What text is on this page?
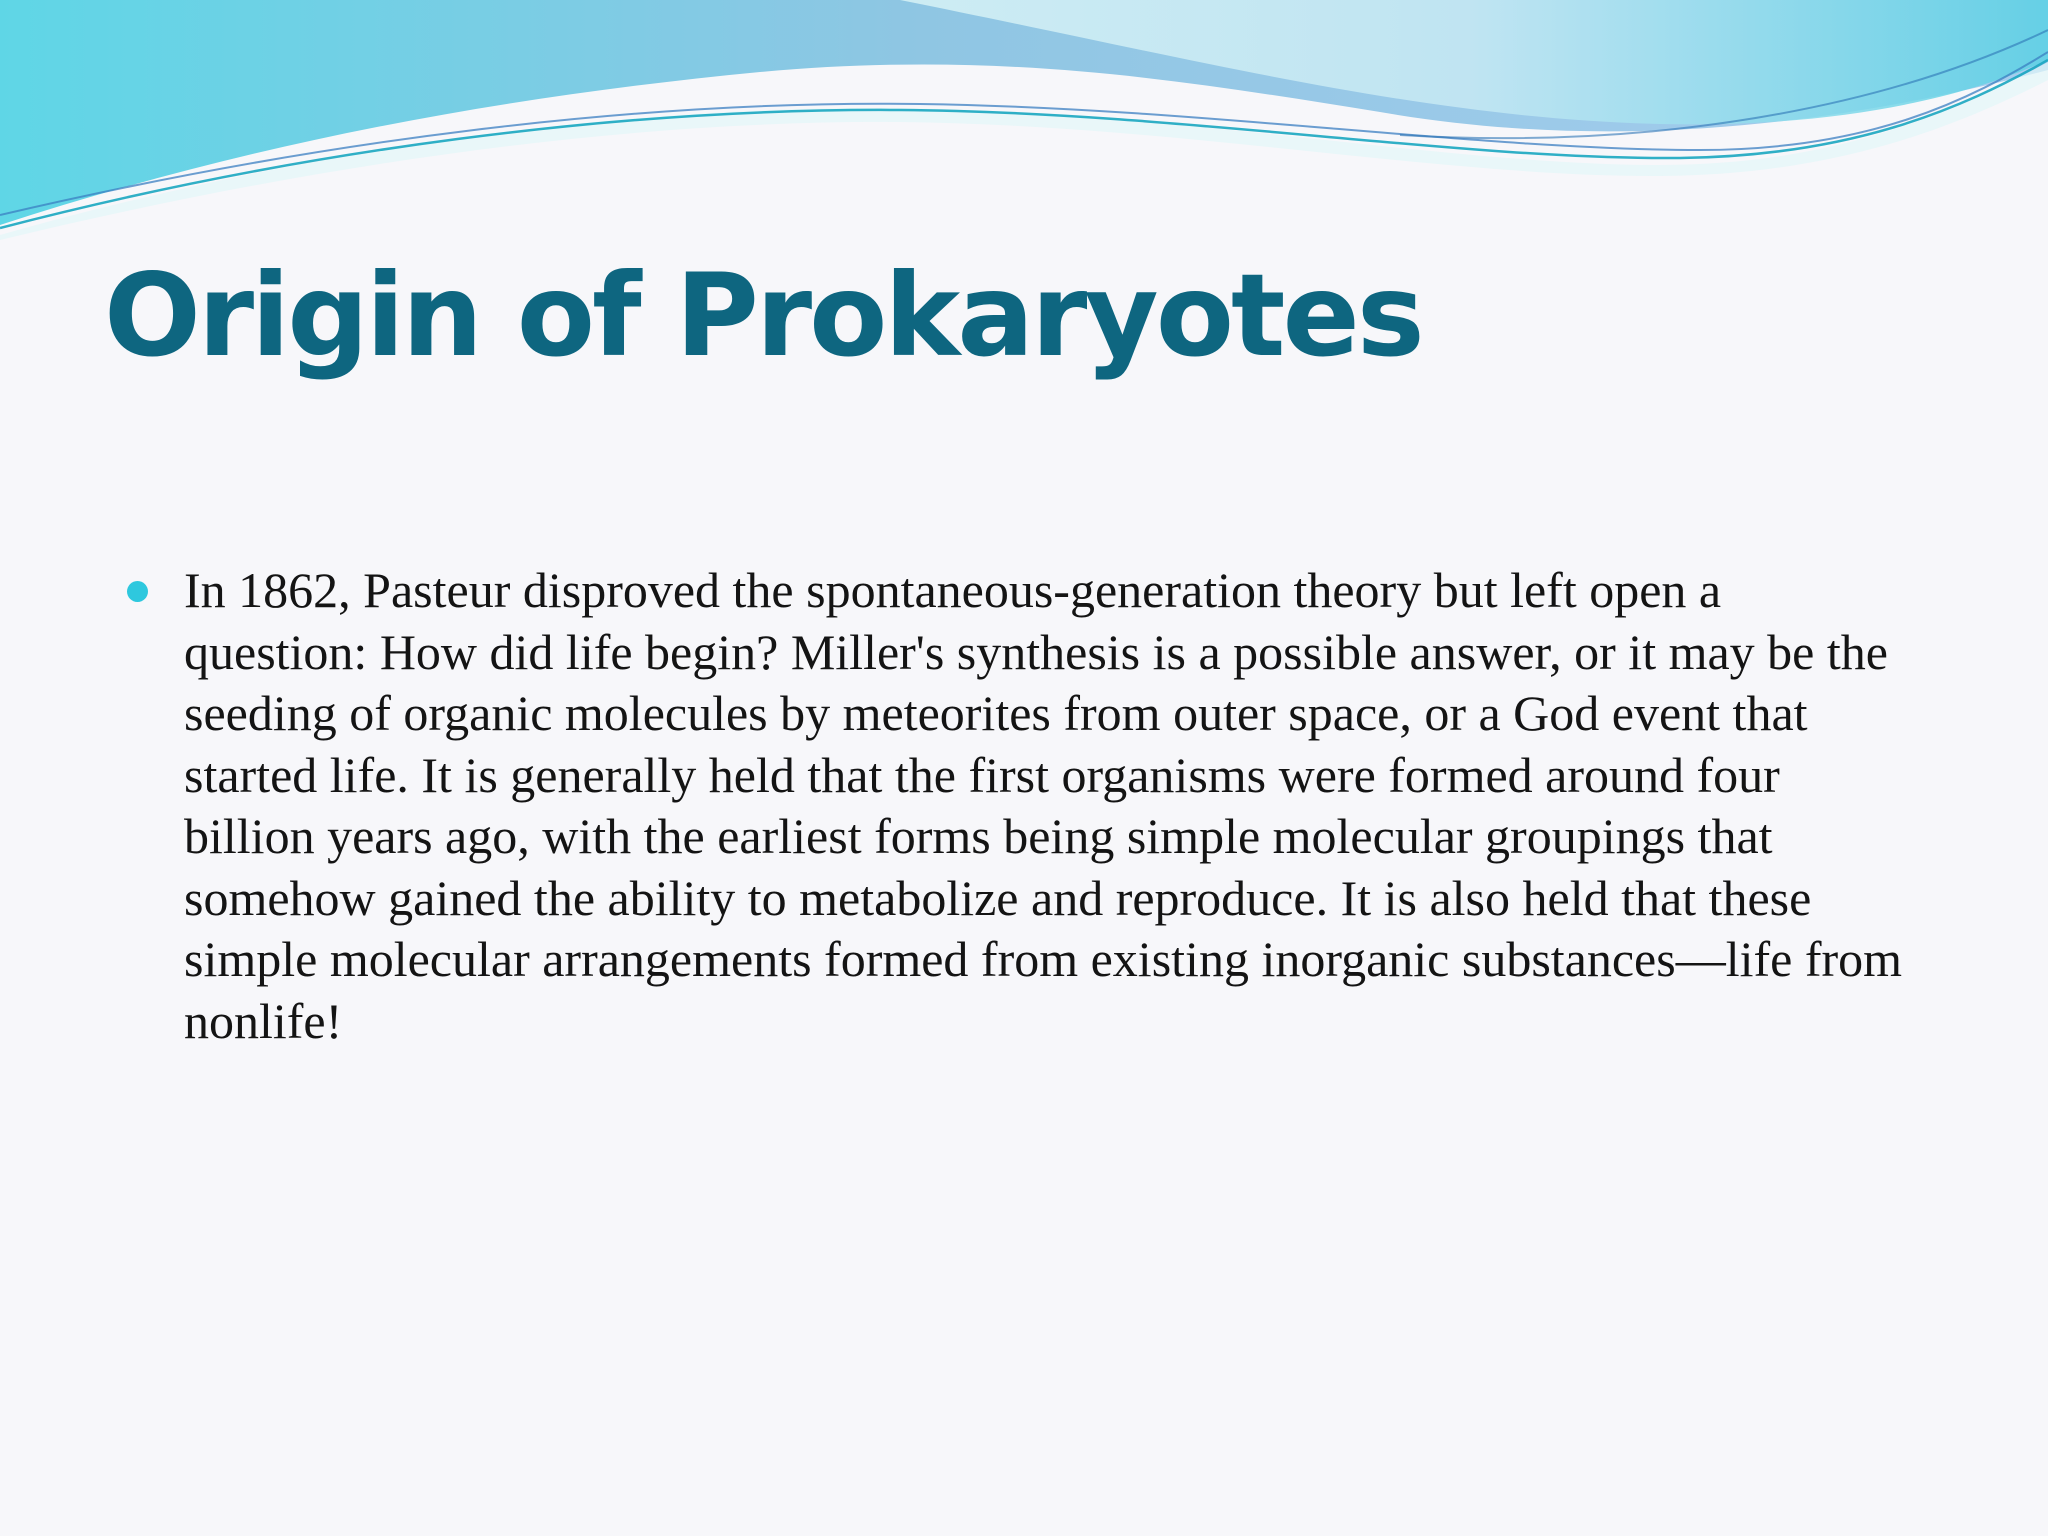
Origin of Prokaryotes
In 1862, Pasteur disproved the spontaneous-generation theory but left open a question: How did life begin? Miller's synthesis is a possible answer, or it may be the seeding of organic molecules by meteorites from outer space, or a God event that started life. It is generally held that the first organisms were formed around four billion years ago, with the earliest forms being simple molecular groupings that somehow gained the ability to metabolize and reproduce. It is also held that these simple molecular arrangements formed from existing inorganic substances—life from nonlife!
